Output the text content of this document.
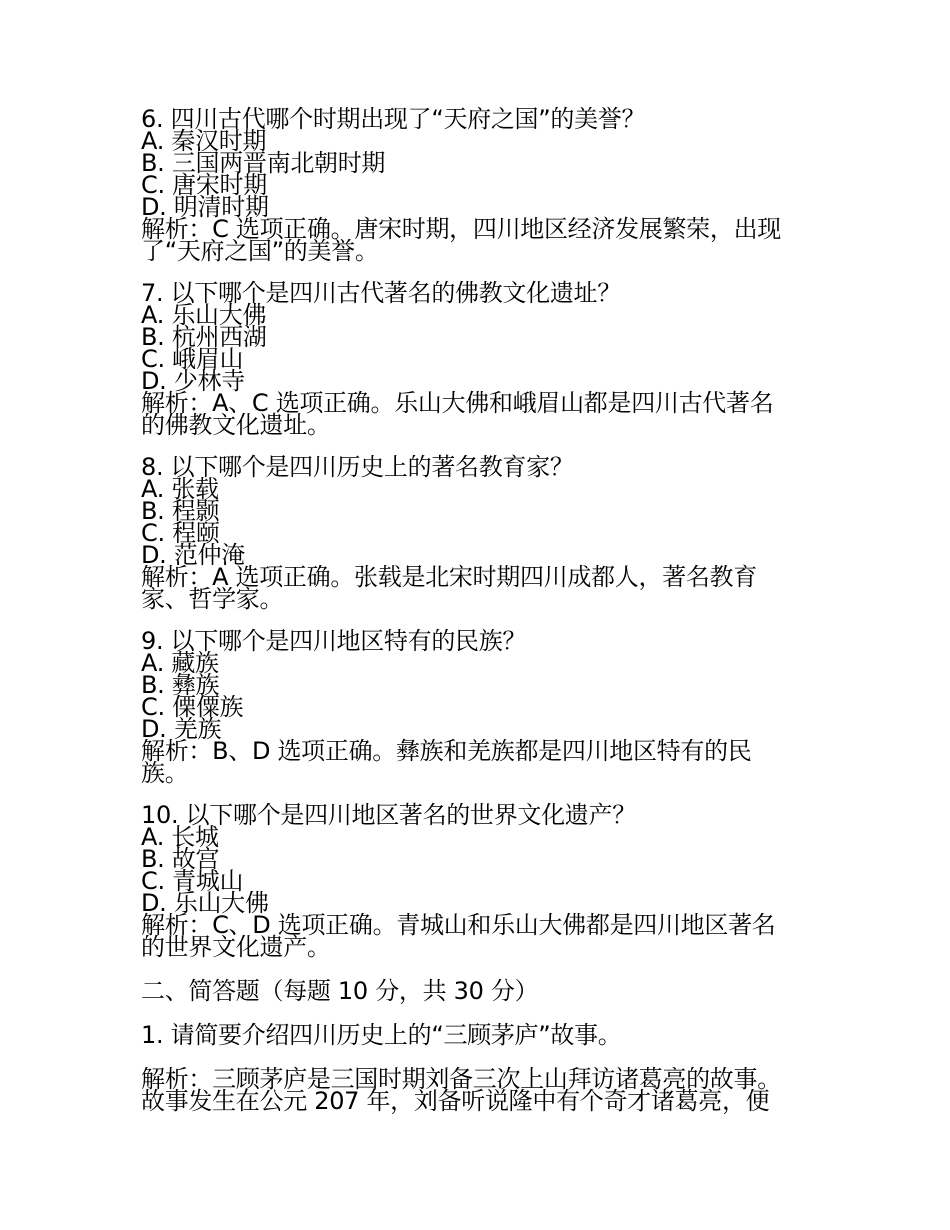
6. 四川古代哪个时期出现了“天府之国”的美誉？

A. 秦汉时期

B. 三国两晋南北朝时期

C. 唐宋时期

D. 明清时期

解析：C 选项正确。唐宋时期，四川地区经济发展繁荣，出现

了“天府之国”的美誉。

7. 以下哪个是四川古代著名的佛教文化遗址？

A. 乐山大佛

B. 杭州西湖

C. 峨眉山

D. 少林寺

解析：A、C 选项正确。乐山大佛和峨眉山都是四川古代著名

的佛教文化遗址。

8. 以下哪个是四川历史上的著名教育家？

A. 张载

B. 程颢

C. 程颐

D. 范仲淹

解析：A 选项正确。张载是北宋时期四川成都人，著名教育

家、哲学家。

9. 以下哪个是四川地区特有的民族？

A. 藏族

B. 彝族

C. 傈僳族

D. 羌族

解析：B、D 选项正确。彝族和羌族都是四川地区特有的民

族。

10. 以下哪个是四川地区著名的世界文化遗产？

A. 长城

B. 故宫

C. 青城山

D. 乐山大佛

解析：C、D 选项正确。青城山和乐山大佛都是四川地区著名

的世界文化遗产。

二、简答题（每题 10 分，共 30 分）

1. 请简要介绍四川历史上的“三顾茅庐”故事。

解析：三顾茅庐是三国时期刘备三次上山拜访诸葛亮的故事。

故事发生在公元 207 年，刘备听说隆中有个奇才诸葛亮，便
